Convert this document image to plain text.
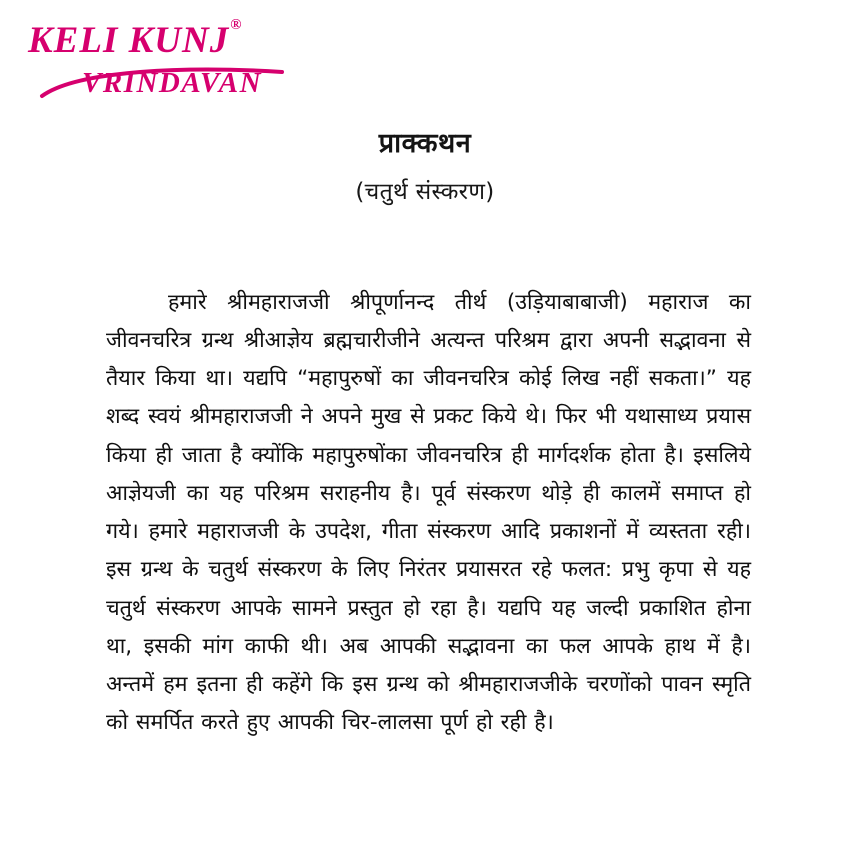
KELI KUNJ®
VRINDAVAN
प्राक्कथन
(चतुर्थ संस्करण)

हमारे श्रीमहाराजजी श्रीपूर्णानन्द तीर्थ (उड़ियाबाबाजी) महाराज का जीवनचरित्र ग्रन्थ श्रीआज्ञेय ब्रह्मचारीजीने अत्यन्त परिश्रम द्वारा अपनी सद्भावना से तैयार किया था। यद्यपि “महापुरुषों का जीवनचरित्र कोई लिख नहीं सकता।” यह शब्द स्वयं श्रीमहाराजजी ने अपने मुख से प्रकट किये थे। फिर भी यथासाध्य प्रयास किया ही जाता है क्योंकि महापुरुषोंका जीवनचरित्र ही मार्गदर्शक होता है। इसलिये आज्ञेयजी का यह परिश्रम सराहनीय है। पूर्व संस्करण थोड़े ही कालमें समाप्त हो गये। हमारे महाराजजी के उपदेश, गीता संस्करण आदि प्रकाशनों में व्यस्तता रही। इस ग्रन्थ के चतुर्थ संस्करण के लिए निरंतर प्रयासरत रहे फलत: प्रभु कृपा से यह चतुर्थ संस्करण आपके सामने प्रस्तुत हो रहा है। यद्यपि यह जल्दी प्रकाशित होना था, इसकी मांग काफी थी। अब आपकी सद्भावना का फल आपके हाथ में है। अन्तमें हम इतना ही कहेंगे कि इस ग्रन्थ को श्रीमहाराजजीके चरणोंको पावन स्मृति को समर्पित करते हुए आपकी चिर-लालसा पूर्ण हो रही है।
